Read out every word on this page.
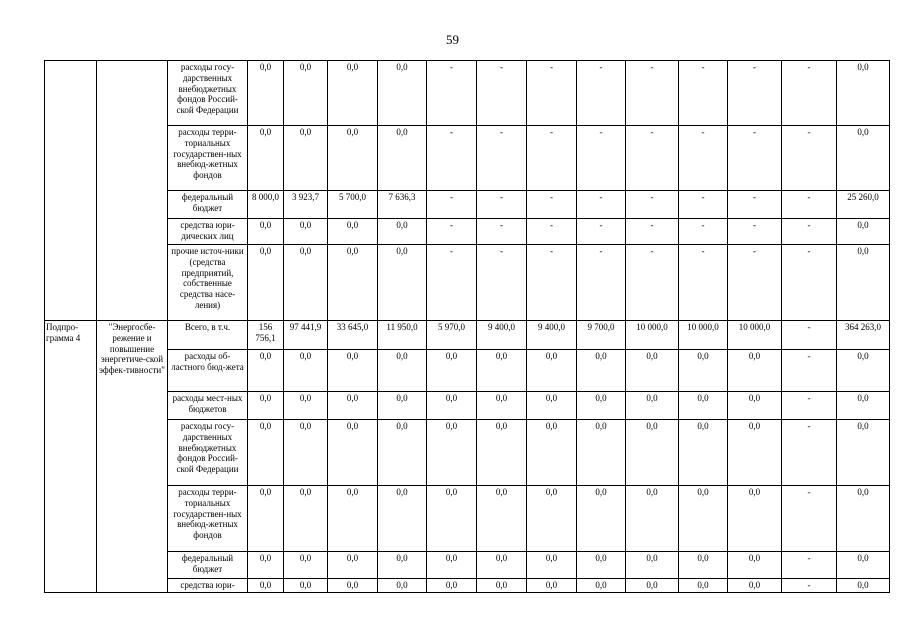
59
		расходы госу-дарственных внебюджетных фондов Россий-ской Федерации	0,0	0,0	0,0	0,0	-	-	-	-	-	-	-	-	0,0
		расходы терри-ториальных государствен-ных внебюд-жетных фондов	0,0	0,0	0,0	0,0	-	-	-	-	-	-	-	-	0,0
		федеральный бюджет	8 000,0	3 923,7	5 700,0	7 636,3	-	-	-	-	-	-	-	-	25 260,0
		средства юри-дических лиц	0,0	0,0	0,0	0,0	-	-	-	-	-	-	-	-	0,0
		прочие источ-ники (средства предприятий, собственные средства насе-ления)	0,0	0,0	0,0	0,0	-	-	-	-	-	-	-	-	0,0
Подпро-грамма 4	"Энергосбе-режение и повышение энергетиче-ской эффек-тивности"	Всего, в т.ч.	156 756,1	97 441,9	33 645,0	11 950,0	5 970,0	9 400,0	9 400,0	9 700,0	10 000,0	10 000,0	10 000,0	-	364 263,0
		расходы об-ластного бюд-жета	0,0	0,0	0,0	0,0	0,0	0,0	0,0	0,0	0,0	0,0	0,0	-	0,0
		расходы мест-ных бюджетов	0,0	0,0	0,0	0,0	0,0	0,0	0,0	0,0	0,0	0,0	0,0	-	0,0
		расходы госу-дарственных внебюджетных фондов Россий-ской Федерации	0,0	0,0	0,0	0,0	0,0	0,0	0,0	0,0	0,0	0,0	0,0	-	0,0
		расходы терри-ториальных государствен-ных внебюд-жетных фондов	0,0	0,0	0,0	0,0	0,0	0,0	0,0	0,0	0,0	0,0	0,0	-	0,0
		федеральный бюджет	0,0	0,0	0,0	0,0	0,0	0,0	0,0	0,0	0,0	0,0	0,0	-	0,0
		средства юри-	0,0	0,0	0,0	0,0	0,0	0,0	0,0	0,0	0,0	0,0	0,0	-	0,0
